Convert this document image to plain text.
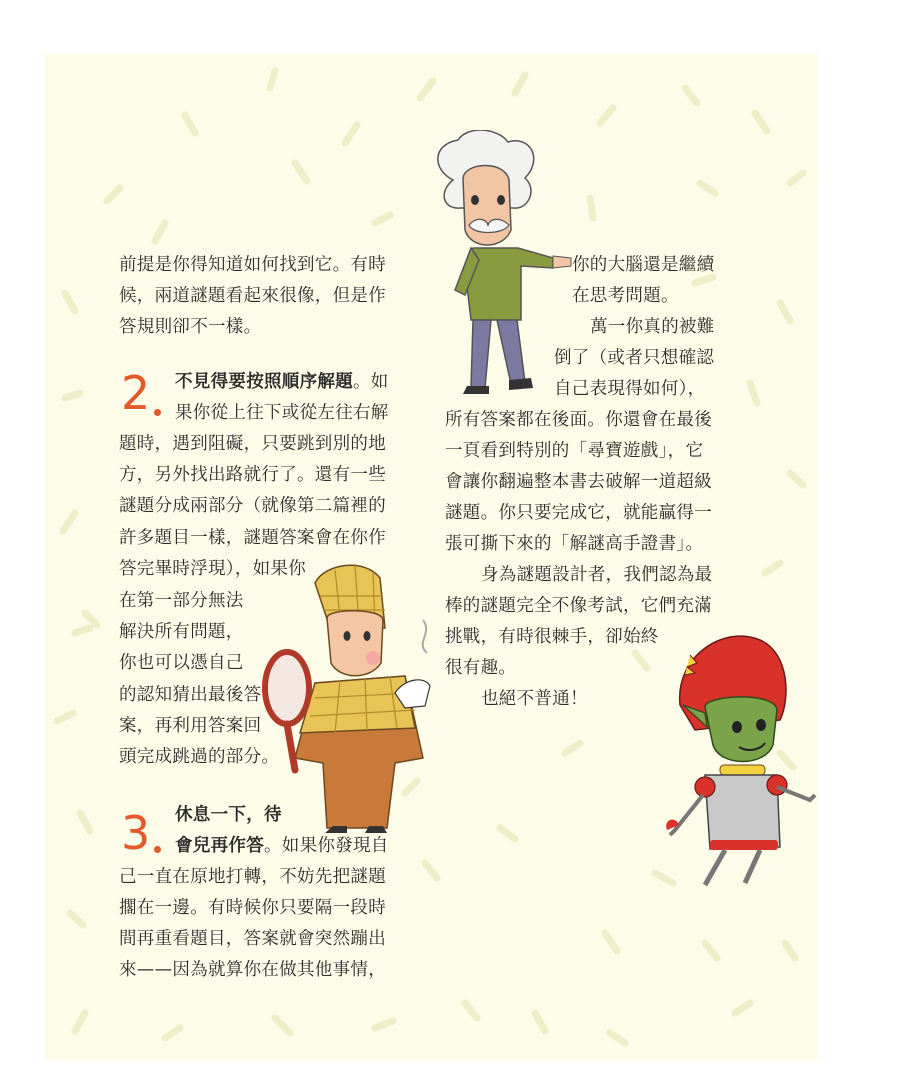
前提是你得知道如何找到它。有時
候，兩道謎題看起來很像，但是作
答規則卻不一樣。
2 不見得要按照順序解題。如
果你從上往下或從左往右解
題時，遇到阻礙，只要跳到別的地
方，另外找出路就行了。還有一些
謎題分成兩部分（就像第二篇裡的
許多題目一樣，謎題答案會在你作
答完畢時浮現），如果你
在第一部分無法
解決所有問題，
你也可以憑自己
的認知猜出最後答
案，再利用答案回
頭完成跳過的部分。
3 休息一下，待
會兒再作答。如果你發現自
己一直在原地打轉，不妨先把謎題
擱在一邊。有時候你只要隔一段時
間再重看題目，答案就會突然蹦出
來——因為就算你在做其他事情，
你的大腦還是繼續
在思考問題。
萬一你真的被難
倒了（或者只想確認
自己表現得如何），
所有答案都在後面。你還會在最後
一頁看到特別的「尋寶遊戲」，它
會讓你翻遍整本書去破解一道超級
謎題。你只要完成它，就能贏得一
張可撕下來的「解謎高手證書」。
身為謎題設計者，我們認為最
棒的謎題完全不像考試，它們充滿
挑戰，有時很棘手，卻始終
很有趣。
也絕不普通！
